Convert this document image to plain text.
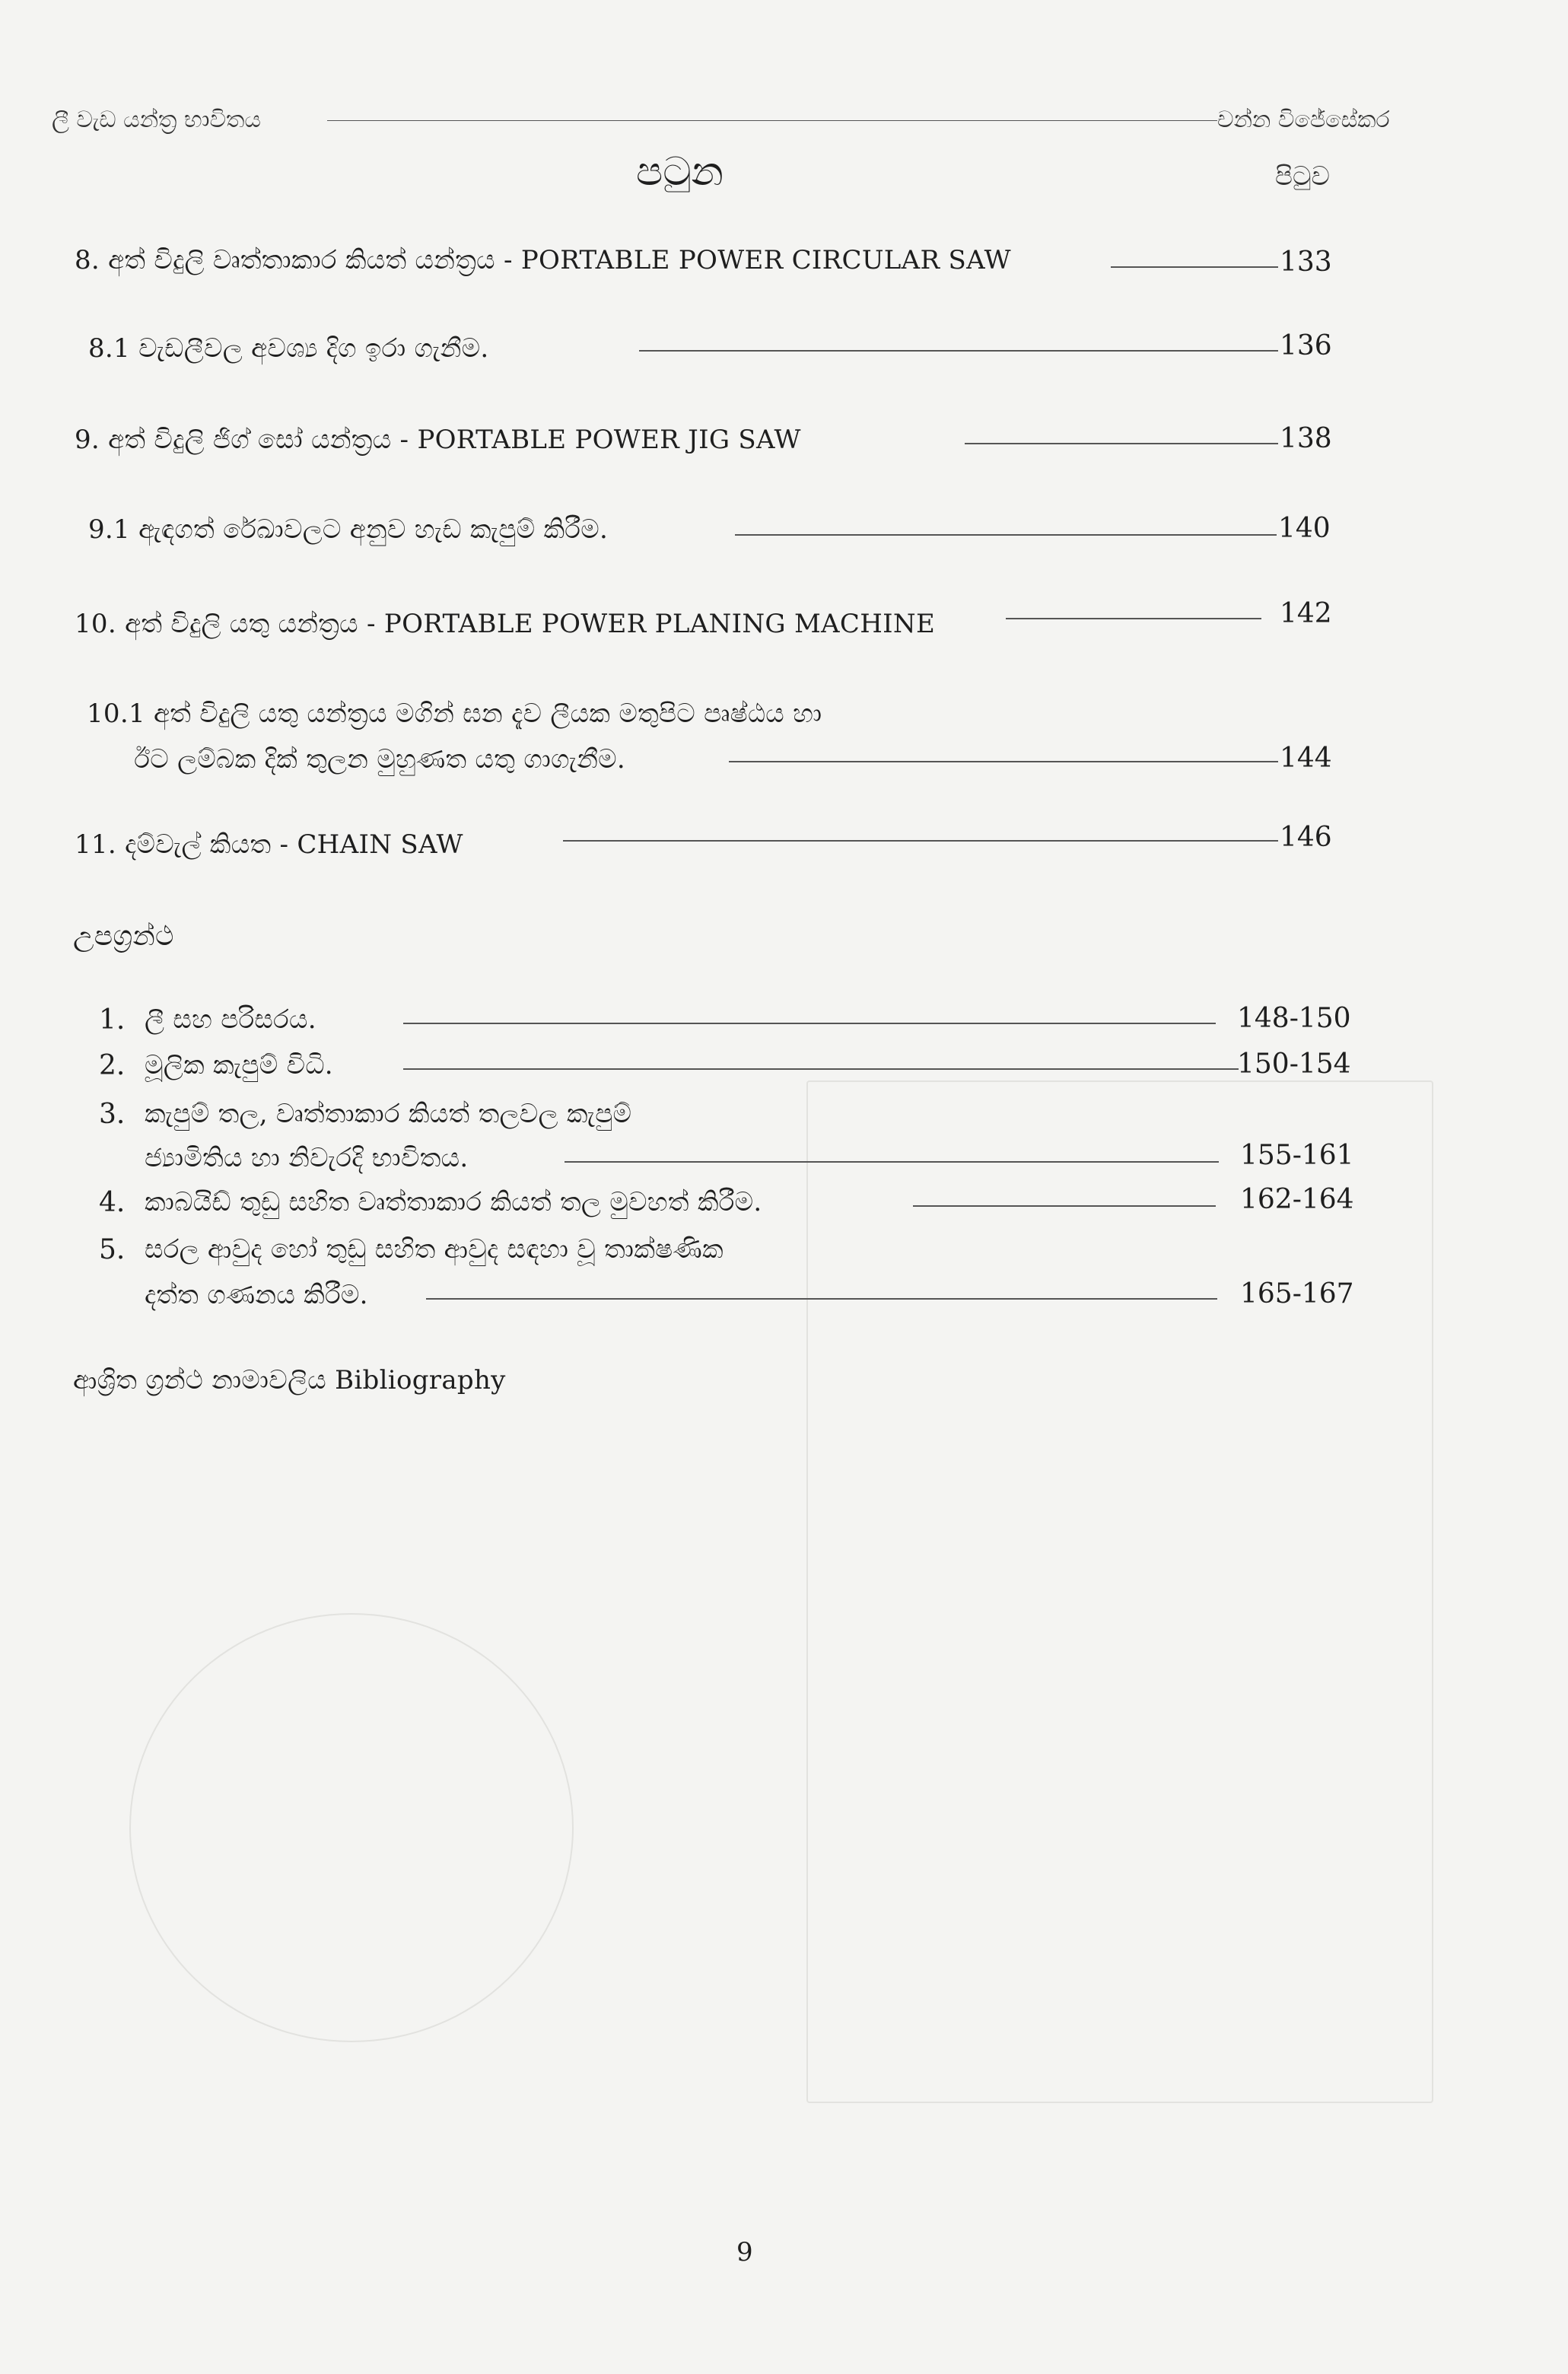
ලී වැඩ යන්ත්‍ර භාවිතය	චන්න විජේසේකර
පටුන	පිටුව
8. අත් විදුලි වෘත්තාකාර කියත් යන්ත්‍රය - PORTABLE POWER CIRCULAR SAW	133
8.1 වැඩලීවල අවශ්‍ය දිග ඉරා ගැනීම.	136
9. අත් විදුලි ජිග් සෝ යන්ත්‍රය - PORTABLE POWER JIG SAW	138
9.1 ඇඳගත් රේඛාවලට අනුව හැඩ කැපුම් කිරීම.	140
10. අත් විදුලි යතු යන්ත්‍රය - PORTABLE POWER PLANING MACHINE	142
10.1 අත් විදුලි යතු යන්ත්‍රය මගින් ඝන දැව ලීයක මතුපිට පෘෂ්ඨය හා
ඊට ලම්බක දික් තුලන මුහුණත යතු ගාගැනීම.	144
11. දම්වැල් කියත - CHAIN SAW	146
උපග්‍රන්ථ
1. ලී සහ පරිසරය.	148-150
2. මූලික කැපුම් විධි.	150-154
3. කැපුම් තල, වෘත්තාකාර කියත් තලවල කැපුම්
ජ්‍යාමිතිය හා නිවැරදි භාවිතය.	155-161
4. කාබයිඩ් තුඩු සහිත වෘත්තාකාර කියත් තල මුවහත් කිරීම.	162-164
5. සරල ආවුද හෝ තුඩු සහිත ආවුද සඳහා වූ තාක්ෂණික
දත්ත ගණනය කිරීම.	165-167
ආශ්‍රිත ග්‍රන්ථ නාමාවලිය Bibliography
9
